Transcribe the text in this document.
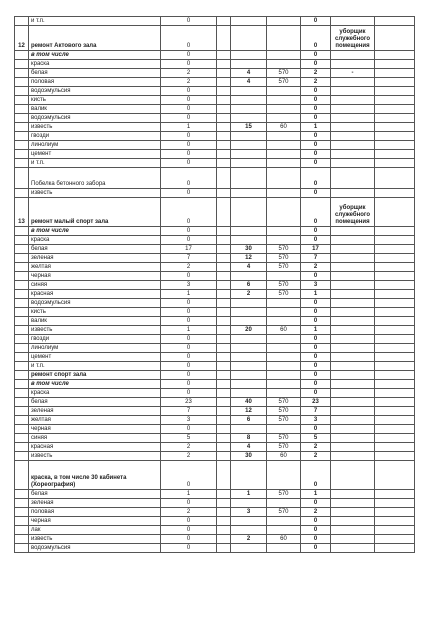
	и т.п.	0				0		
12	ремонт Актового зала	0				0	уборщик служебного помещения	
	в том числе	0				0		
	краска	0				0		
	белая	2		4	570	2	-	
	половая	2		4	570	2		
	водоэмульсия	0				0		
	кисть	0				0		
	валик	0				0		
	водоэмульсия	0				0		
	известь	1		15	60	1		
	гвозди	0				0		
	линолиум	0				0		
	цемент	0				0		
	и т.п.	0				0		
	Побелка бетонного забора	0				0		
	известь	0				0		
13	ремонт малый спорт зала	0				0	уборщик служебного помещения	
	в том числе	0				0		
	краска	0				0		
	белая	17		30	570	17		
	зеленая	7		12	570	7		
	желтая	2		4	570	2		
	черная	0				0		
	синяя	3		6	570	3		
	красная	1		2	570	1		
	водоэмульсия	0				0		
	кисть	0				0		
	валик	0				0		
	известь	1		20	60	1		
	гвозди	0				0		
	линолиум	0				0		
	цемент	0				0		
	и т.п.	0				0		
	ремонт спорт зала	0				0		
	в том числе	0				0		
	краска	0				0		
	белая	23		40	570	23		
	зеленая	7		12	570	7		
	желтая	3		6	570	3		
	черная	0				0		
	синяя	5		8	570	5		
	красная	2		4	570	2		
	известь	2		30	60	2		
	краска, в том числе 30 кабинета (Хореография)	0				0		
	белая	1		1	570	1		
	зеленая	0				0		
	половая	2		3	570	2		
	черная	0				0		
	лак	0				0		
	известь	0		2	60	0		
	водоэмульсия	0				0		
